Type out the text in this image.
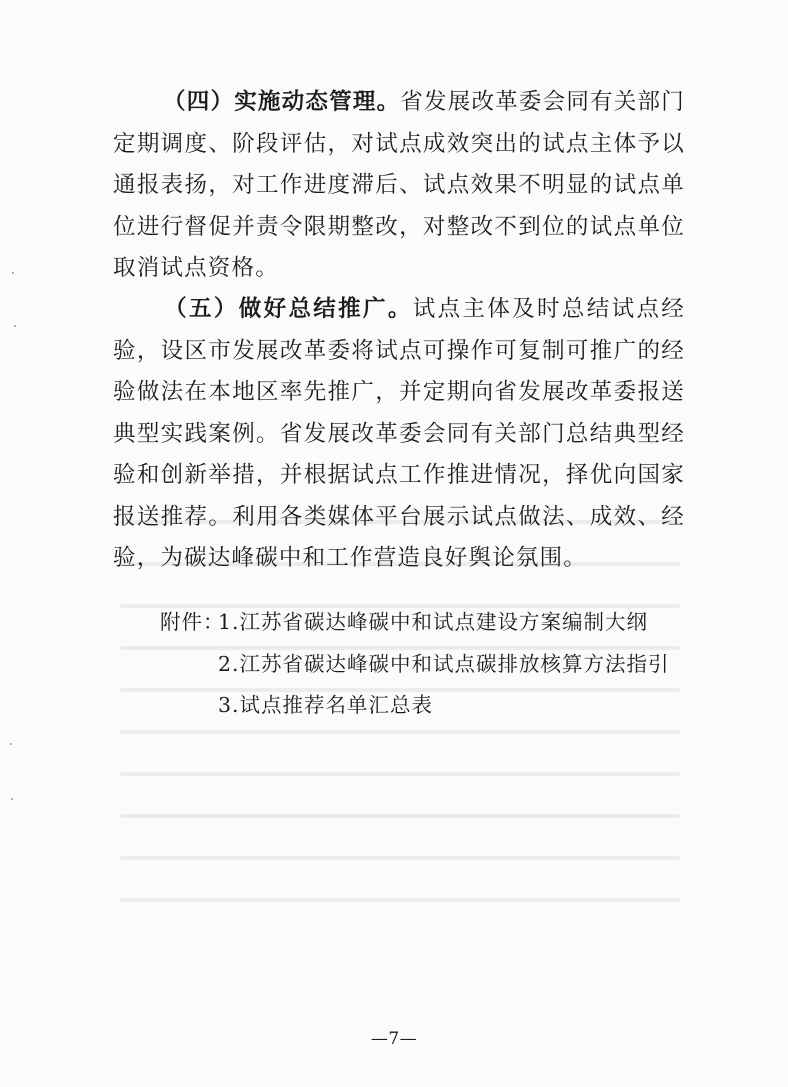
（四）实施动态管理。省发展改革委会同有关部门定期调度、阶段评估，对试点成效突出的试点主体予以通报表扬，对工作进度滞后、试点效果不明显的试点单位进行督促并责令限期整改，对整改不到位的试点单位取消试点资格。

（五）做好总结推广。试点主体及时总结试点经验，设区市发展改革委将试点可操作可复制可推广的经验做法在本地区率先推广，并定期向省发展改革委报送典型实践案例。省发展改革委会同有关部门总结典型经验和创新举措，并根据试点工作推进情况，择优向国家报送推荐。利用各类媒体平台展示试点做法、成效、经验，为碳达峰碳中和工作营造良好舆论氛围。

附件：
1.江苏省碳达峰碳中和试点建设方案编制大纲
2.江苏省碳达峰碳中和试点碳排放核算方法指引
3.试点推荐名单汇总表
—7—
